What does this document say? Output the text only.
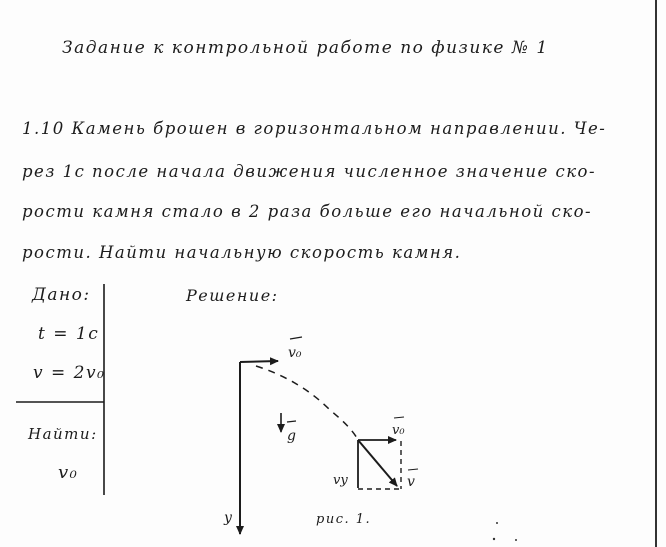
Задание к контрольной работе по физике № 1
1.10 Камень брошен в горизонтальном направлении. Че-
рез 1с после начала движения численное значение ско-
рости камня стало в 2 раза больше его начальной ско-
рости. Найти начальную скорость камня.
Дано:
t = 1с
v = 2v₀
Найти:
v₀
Решение:
v₀
g	v₀
vy	v
y	рис. 1.
